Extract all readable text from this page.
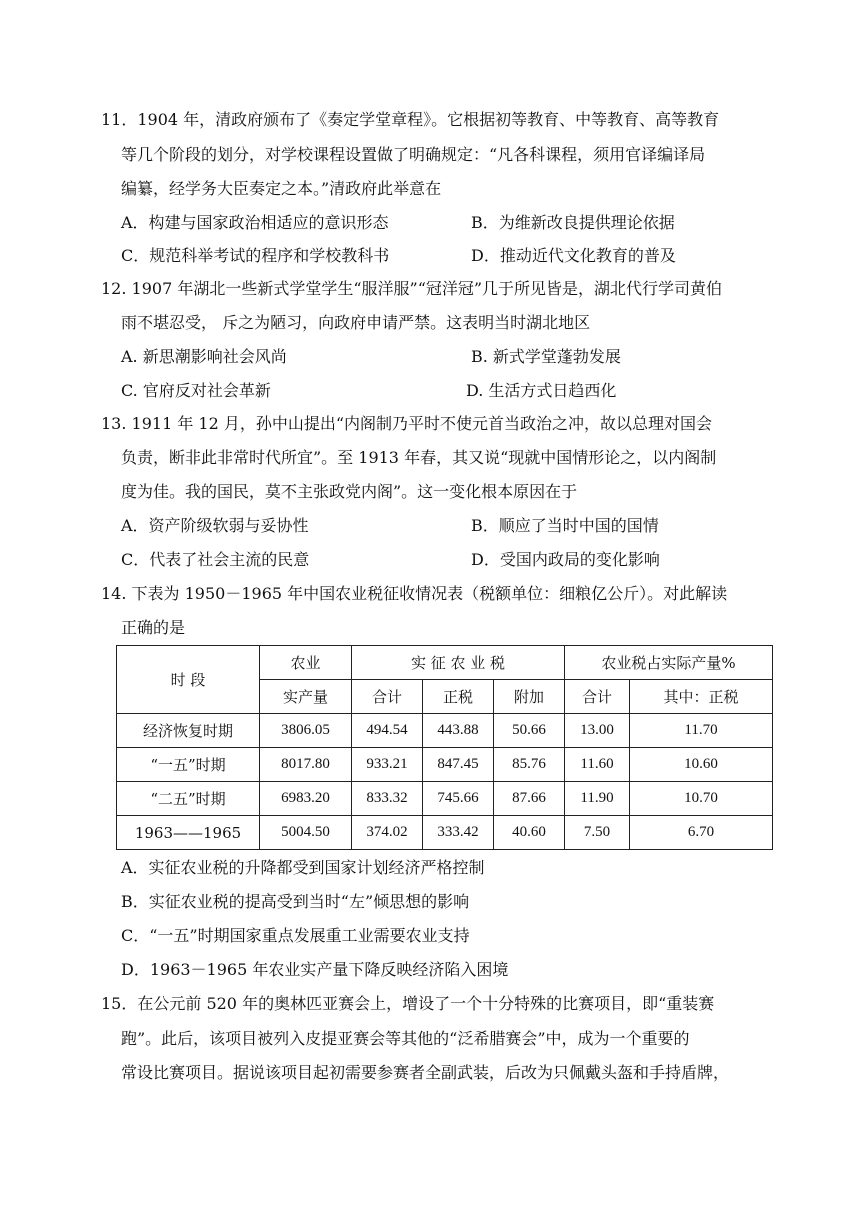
11．1904 年，清政府颁布了《奏定学堂章程》。它根据初等教育、中等教育、高等教育
等几个阶段的划分，对学校课程设置做了明确规定：“凡各科课程，须用官译编译局
编纂，经学务大臣奏定之本。”清政府此举意在
A．构建与国家政治相适应的意识形态	B．为维新改良提供理论依据
C．规范科举考试的程序和学校教科书	D．推动近代文化教育的普及
12. 1907 年湖北一些新式学堂学生“服洋服”“冠洋冠”几于所见皆是，湖北代行学司黄伯
雨不堪忍受， 斥之为陋习，向政府申请严禁。这表明当时湖北地区
A. 新思潮影响社会风尚	B. 新式学堂蓬勃发展
C. 官府反对社会革新	D. 生活方式日趋西化
13. 1911 年 12 月，孙中山提出“内阁制乃平时不使元首当政治之冲，故以总理对国会
负责，断非此非常时代所宜”。至 1913 年春，其又说“现就中国情形论之，以内阁制
度为佳。我的国民，莫不主张政党内阁”。这一变化根本原因在于
A．资产阶级软弱与妥协性	B．顺应了当时中国的国情
C．代表了社会主流的民意	D．受国内政局的变化影响
14. 下表为 1950－1965 年中国农业税征收情况表（税额单位：细粮亿公斤）。对此解读
正确的是
时 段	农业	实 征 农 业 税			农业税占实际产量%	
	实产量	合计	正税	附加	合计	其中：正税
经济恢复时期	3806.05	494.54	443.88	50.66	13.00	11.70
“一五”时期	8017.80	933.21	847.45	85.76	11.60	10.60
“二五”时期	6983.20	833.32	745.66	87.66	11.90	10.70
1963——1965	5004.50	374.02	333.42	40.60	7.50	6.70
A．实征农业税的升降都受到国家计划经济严格控制
B．实征农业税的提高受到当时“左”倾思想的影响
C．“一五”时期国家重点发展重工业需要农业支持
D．1963－1965 年农业实产量下降反映经济陷入困境
15．在公元前 520 年的奥林匹亚赛会上，增设了一个十分特殊的比赛项目，即“重装赛
跑”。此后，该项目被列入皮提亚赛会等其他的“泛希腊赛会”中，成为一个重要的
常设比赛项目。据说该项目起初需要参赛者全副武装，后改为只佩戴头盔和手持盾牌，
